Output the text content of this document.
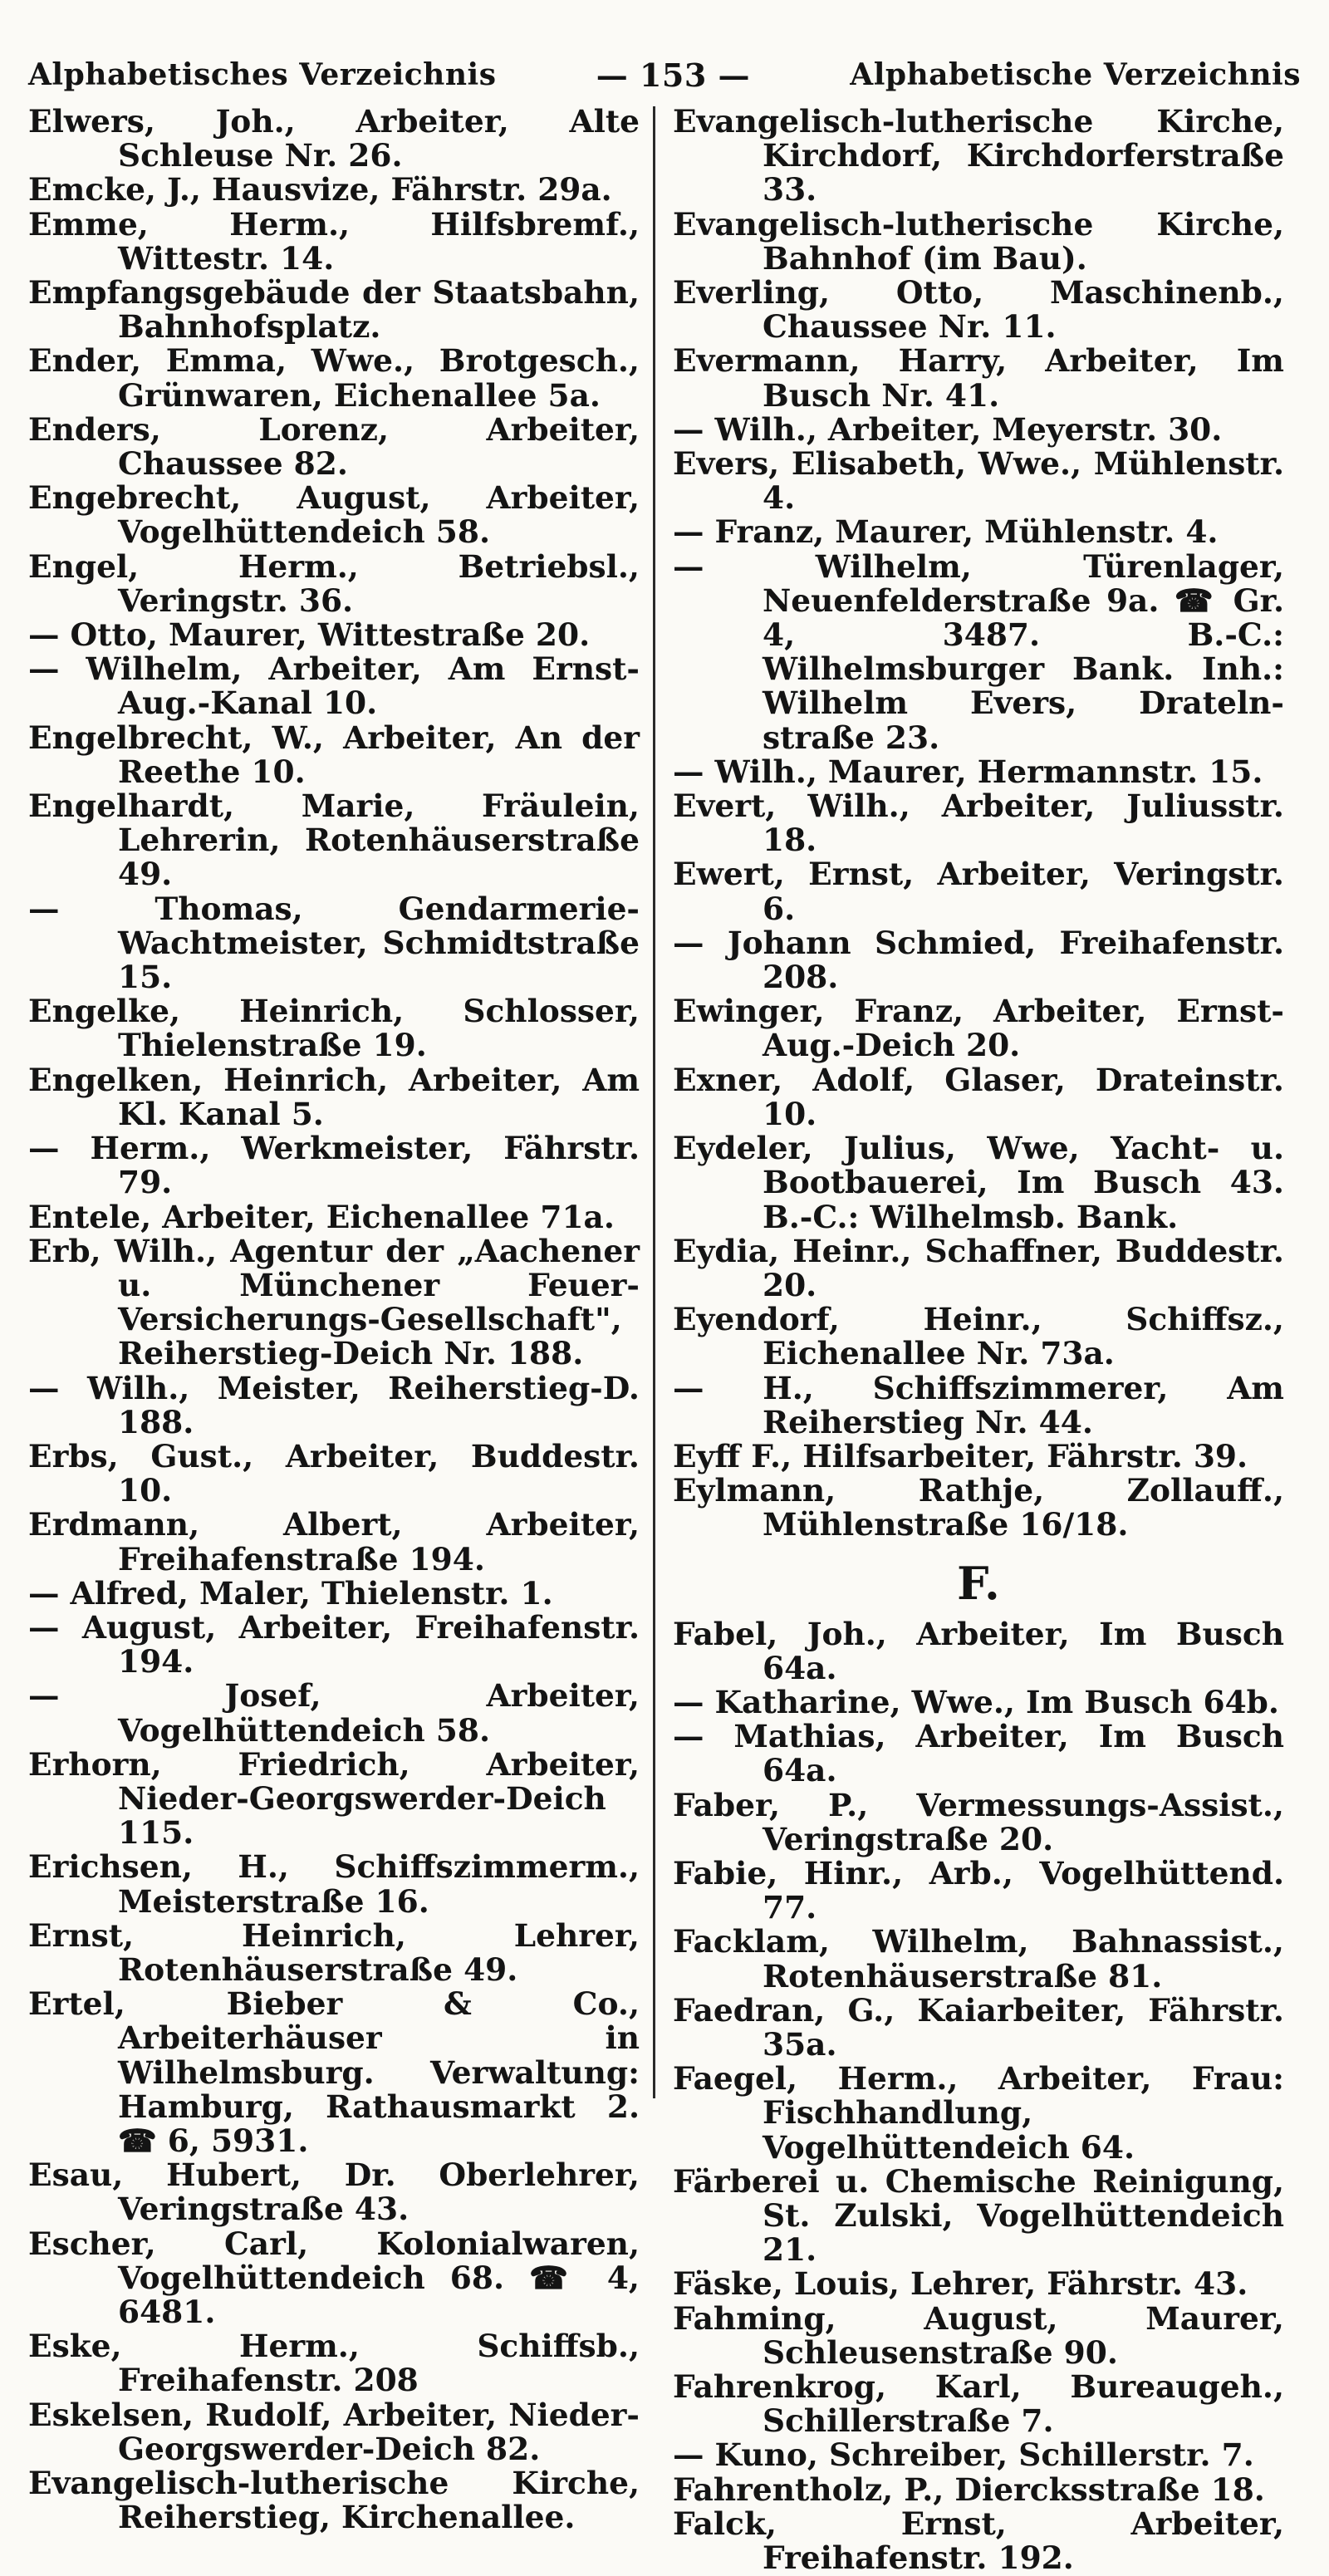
Alphabetisches Verzeichnis	— 153 —	Alphabetische Verzeichnis

Elwers, Joh., Arbeiter, Alte Schleuse Nr. 26.

Emcke, J., Hausvize, Fährstr. 29a.

Emme, Herm., Hilfsbremf., Wittestr. 14.

Empfangsgebäude der Staatsbahn, Bahnhofsplatz.

Ender, Emma, Wwe., Brotgesch., Grünwaren, Eichenallee 5a.

Enders, Lorenz, Arbeiter, Chaussee 82.

Engebrecht, August, Arbeiter, Vogelhüttendeich 58.

Engel, Herm., Betriebsl., Veringstr. 36.

— Otto, Maurer, Wittestraße 20.

— Wilhelm, Arbeiter, Am Ernst-Aug.-Kanal 10.

Engelbrecht, W., Arbeiter, An der Reethe 10.

Engelhardt, Marie, Fräulein, Lehrerin, Rotenhäuserstraße 49.

— Thomas, Gendarmerie-Wachtmeister, Schmidtstraße 15.

Engelke, Heinrich, Schlosser, Thielenstraße 19.

Engelken, Heinrich, Arbeiter, Am Kl. Kanal 5.

— Herm., Werkmeister, Fährstr. 79.

Entele, Arbeiter, Eichenallee 71a.

Erb, Wilh., Agentur der „Aachener u. Münchener Feuer-Versicherungs-Gesellschaft", Reiherstieg-Deich Nr. 188.

— Wilh., Meister, Reiherstieg-D. 188.

Erbs, Gust., Arbeiter, Buddestr. 10.

Erdmann, Albert, Arbeiter, Freihafenstraße 194.

— Alfred, Maler, Thielenstr. 1.

— August, Arbeiter, Freihafenstr. 194.

— Josef, Arbeiter, Vogelhüttendeich 58.

Erhorn, Friedrich, Arbeiter, Nieder-Georgswerder-Deich 115.

Erichsen, H., Schiffszimmerm., Meisterstraße 16.

Ernst, Heinrich, Lehrer, Rotenhäuserstraße 49.

Ertel, Bieber & Co., Arbeiterhäuser in Wilhelmsburg. Verwaltung: Hamburg, Rathausmarkt 2. ☎ 6, 5931.

Esau, Hubert, Dr. Oberlehrer, Veringstraße 43.

Escher, Carl, Kolonialwaren, Vogelhüttendeich 68. ☎ 4, 6481.

Eske, Herm., Schiffsb., Freihafenstr. 208

Eskelsen, Rudolf, Arbeiter, Nieder-Georgswerder-Deich 82.

Evangelisch-lutherische Kirche, Reiherstieg, Kirchenallee.

Evangelisch-lutherische Kirche, Kirchdorf, Kirchdorferstraße 33.

Evangelisch-lutherische Kirche, Bahnhof (im Bau).

Everling, Otto, Maschinenb., Chaussee Nr. 11.

Evermann, Harry, Arbeiter, Im Busch Nr. 41.

— Wilh., Arbeiter, Meyerstr. 30.

Evers, Elisabeth, Wwe., Mühlenstr. 4.

— Franz, Maurer, Mühlenstr. 4.

— Wilhelm, Türenlager, Neuenfelderstraße 9a. ☎ Gr. 4, 3487. B.-C.: Wilhelmsburger Bank. Inh.: Wilhelm Evers, Drateln-straße 23.

— Wilh., Maurer, Hermannstr. 15.

Evert, Wilh., Arbeiter, Juliusstr. 18.

Ewert, Ernst, Arbeiter, Veringstr. 6.

— Johann Schmied, Freihafenstr. 208.

Ewinger, Franz, Arbeiter, Ernst-Aug.-Deich 20.

Exner, Adolf, Glaser, Drateinstr. 10.

Eydeler, Julius, Wwe, Yacht- u. Bootbauerei, Im Busch 43. B.-C.: Wilhelmsb. Bank.

Eydia, Heinr., Schaffner, Buddestr. 20.

Eyendorf, Heinr., Schiffsz., Eichenallee Nr. 73a.

— H., Schiffszimmerer, Am Reiherstieg Nr. 44.

Eyff F., Hilfsarbeiter, Fährstr. 39.

Eylmann, Rathje, Zollauff., Mühlenstraße 16/18.

F.

Fabel, Joh., Arbeiter, Im Busch 64a.

— Katharine, Wwe., Im Busch 64b.

— Mathias, Arbeiter, Im Busch 64a.

Faber, P., Vermessungs-Assist., Veringstraße 20.

Fabie, Hinr., Arb., Vogelhüttend. 77.

Facklam, Wilhelm, Bahnassist., Rotenhäuserstraße 81.

Faedran, G., Kaiarbeiter, Fährstr. 35a.

Faegel, Herm., Arbeiter, Frau: Fischhandlung, Vogelhüttendeich 64.

Färberei u. Chemische Reinigung, St. Zulski, Vogelhüttendeich 21.

Fäske, Louis, Lehrer, Fährstr. 43.

Fahming, August, Maurer, Schleusenstraße 90.

Fahrenkrog, Karl, Bureaugeh., Schillerstraße 7.

— Kuno, Schreiber, Schillerstr. 7.

Fahrentholz, P., Diercksstraße 18.

Falck, Ernst, Arbeiter, Freihafenstr. 192.
